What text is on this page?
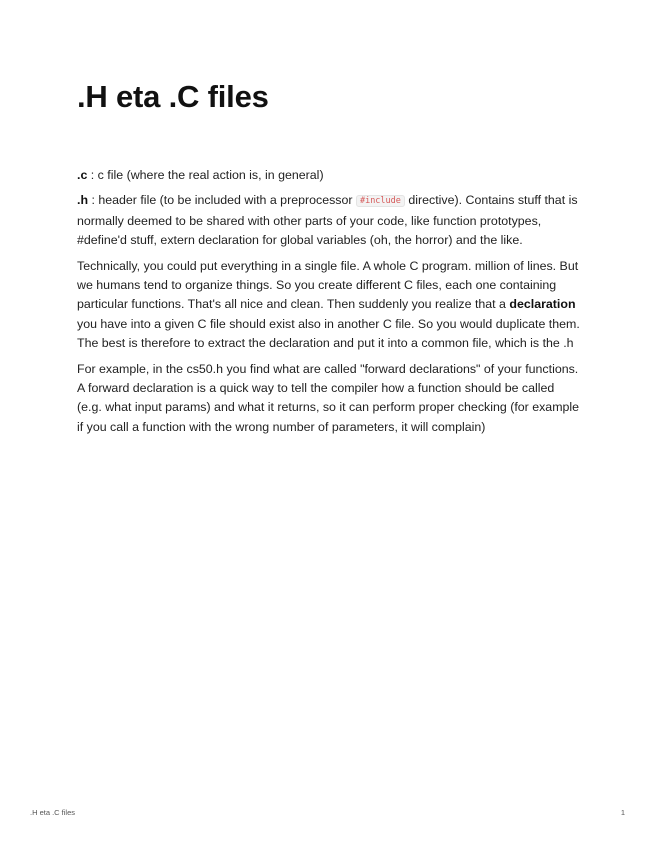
.H eta .C files

.c : c file (where the real action is, in general)

.h : header file (to be included with a preprocessor #include directive). Contains stuff that is normally deemed to be shared with other parts of your code, like function prototypes, #define'd stuff, extern declaration for global variables (oh, the horror) and the like.

Technically, you could put everything in a single file. A whole C program. million of lines. But we humans tend to organize things. So you create different C files, each one containing particular functions. That's all nice and clean. Then suddenly you realize that a declaration you have into a given C file should exist also in another C file. So you would duplicate them. The best is therefore to extract the declaration and put it into a common file, which is the .h

For example, in the cs50.h you find what are called "forward declarations" of your functions. A forward declaration is a quick way to tell the compiler how a function should be called (e.g. what input params) and what it returns, so it can perform proper checking (for example if you call a function with the wrong number of parameters, it will complain)

.H eta .C files	1
